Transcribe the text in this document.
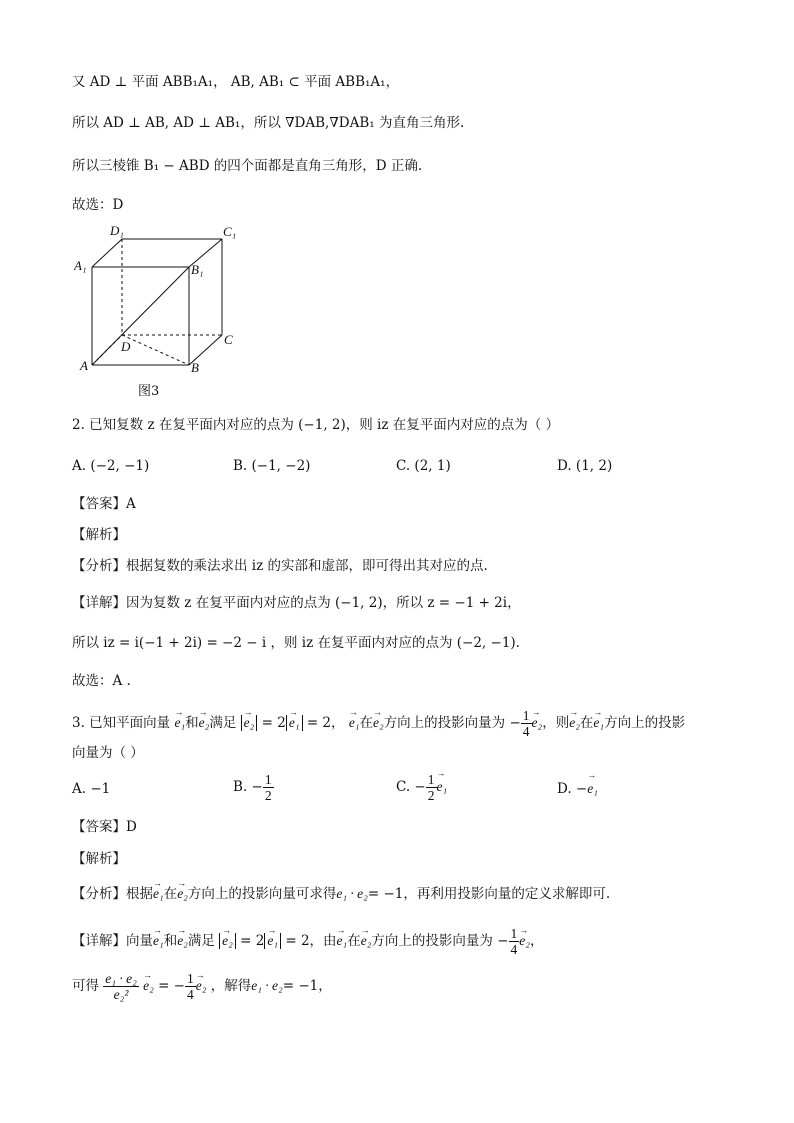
又 AD ⊥ 平面 ABB₁A₁， AB, AB₁ ⊂ 平面 ABB₁A₁，
所以 AD ⊥ AB, AD ⊥ AB₁，所以 ∇DAB,∇DAB₁ 为直角三角形.
所以三棱锥 B₁ − ABD 的四个面都是直角三角形，D 正确.
故选：D
D₁	C₁
A₁	B₁
D	C
A	B
图3
2. 已知复数 z 在复平面内对应的点为 (−1, 2)，则 iz 在复平面内对应的点为（ ）
A. (−2, −1)	B. (−1, −2)	C. (2, 1)	D. (1, 2)
【答案】A
【解析】
【分析】根据复数的乘法求出 iz 的实部和虚部，即可得出其对应的点.
【详解】因为复数 z 在复平面内对应的点为 (−1, 2)，所以 z = −1 + 2i，
所以 iz = i(−1 + 2i) = −2 − i ，则 iz 在复平面内对应的点为 (−2, −1).
故选：A .
3. 已知平面向量 → e₁和→ e₂满足 → e₂ = 2→ e₁ = 2， → e₁在→ e₂方向上的投影向量为 − $\frac{1}{4}$
→ e₂，则→ e₂在→ e₁方向上的投影
向量为（ ）
A. −1	B. − $\frac{1}{2}$	C. − $\frac{1}{2}$
→ e₁	D. −→ e₁
【答案】D
【解析】
【分析】根据→ e₁在→ e₂方向上的投影向量可求得e₁ · e₂= −1，再利用投影向量的定义求解即可.
【详解】向量→ e₁和→ e₂满足 → e₂ = 2→ e₁ = 2，由→ e₁在→ e₂方向上的投影向量为 − $\frac{1}{4}$
→ e₂，
可得 $\frac{\text{e₁ · e₂}}{\text{e₂²}}$
→ e₂ = − $\frac{1}{4}$
→ e₂ ，解得e₁ · e₂= −1，
